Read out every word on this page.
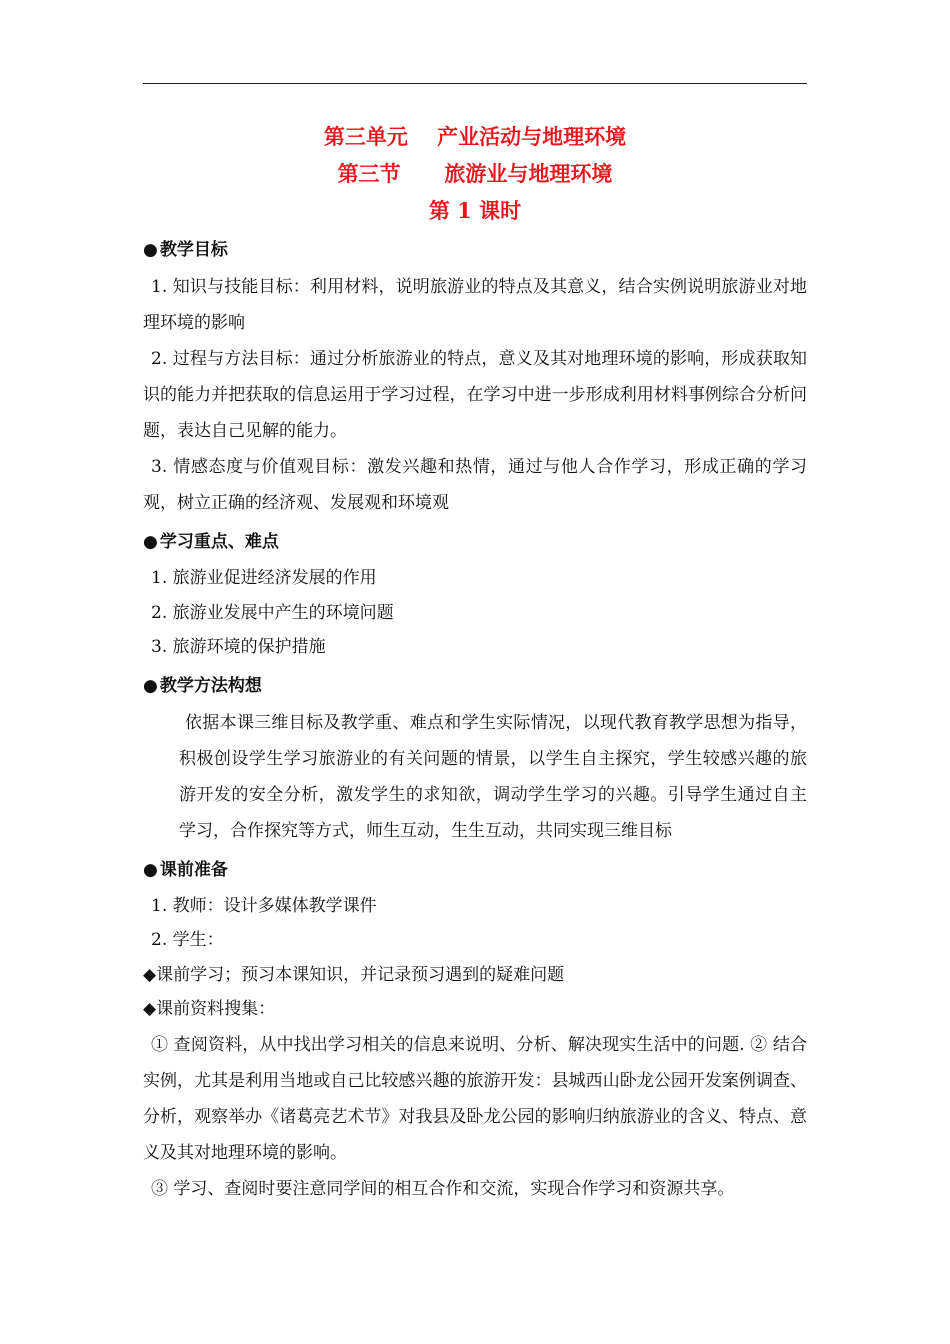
第三单元    产业活动与地理环境
第三节      旅游业与地理环境
第 1 课时
● 教学目标
1. 知识与技能目标：利用材料，说明旅游业的特点及其意义，结合实例说明旅游业对地理环境的影响
2. 过程与方法目标：通过分析旅游业的特点，意义及其对地理环境的影响，形成获取知识的能力并把获取的信息运用于学习过程，在学习中进一步形成利用材料事例综合分析问题，表达自己见解的能力。
3. 情感态度与价值观目标：激发兴趣和热情，通过与他人合作学习，形成正确的学习观，树立正确的经济观、发展观和环境观
● 学习重点、难点
1. 旅游业促进经济发展的作用
2. 旅游业发展中产生的环境问题
3. 旅游环境的保护措施
● 教学方法构想
依据本课三维目标及教学重、难点和学生实际情况，以现代教育教学思想为指导，积极创设学生学习旅游业的有关问题的情景，以学生自主探究，学生较感兴趣的旅游开发的安全分析，激发学生的求知欲，调动学生学习的兴趣。引导学生通过自主学习，合作探究等方式，师生互动，生生互动，共同实现三维目标
● 课前准备
1. 教师：设计多媒体教学课件
2. 学生：
◆课前学习；预习本课知识，并记录预习遇到的疑难问题
◆课前资料搜集：
① 查阅资料，从中找出学习相关的信息来说明、分析、解决现实生活中的问题. ② 结合实例，尤其是利用当地或自己比较感兴趣的旅游开发：县城西山卧龙公园开发案例调查、分析，观察举办《诸葛亮艺术节》对我县及卧龙公园的影响归纳旅游业的含义、特点、意义及其对地理环境的影响。
③ 学习、查阅时要注意同学间的相互合作和交流，实现合作学习和资源共享。
